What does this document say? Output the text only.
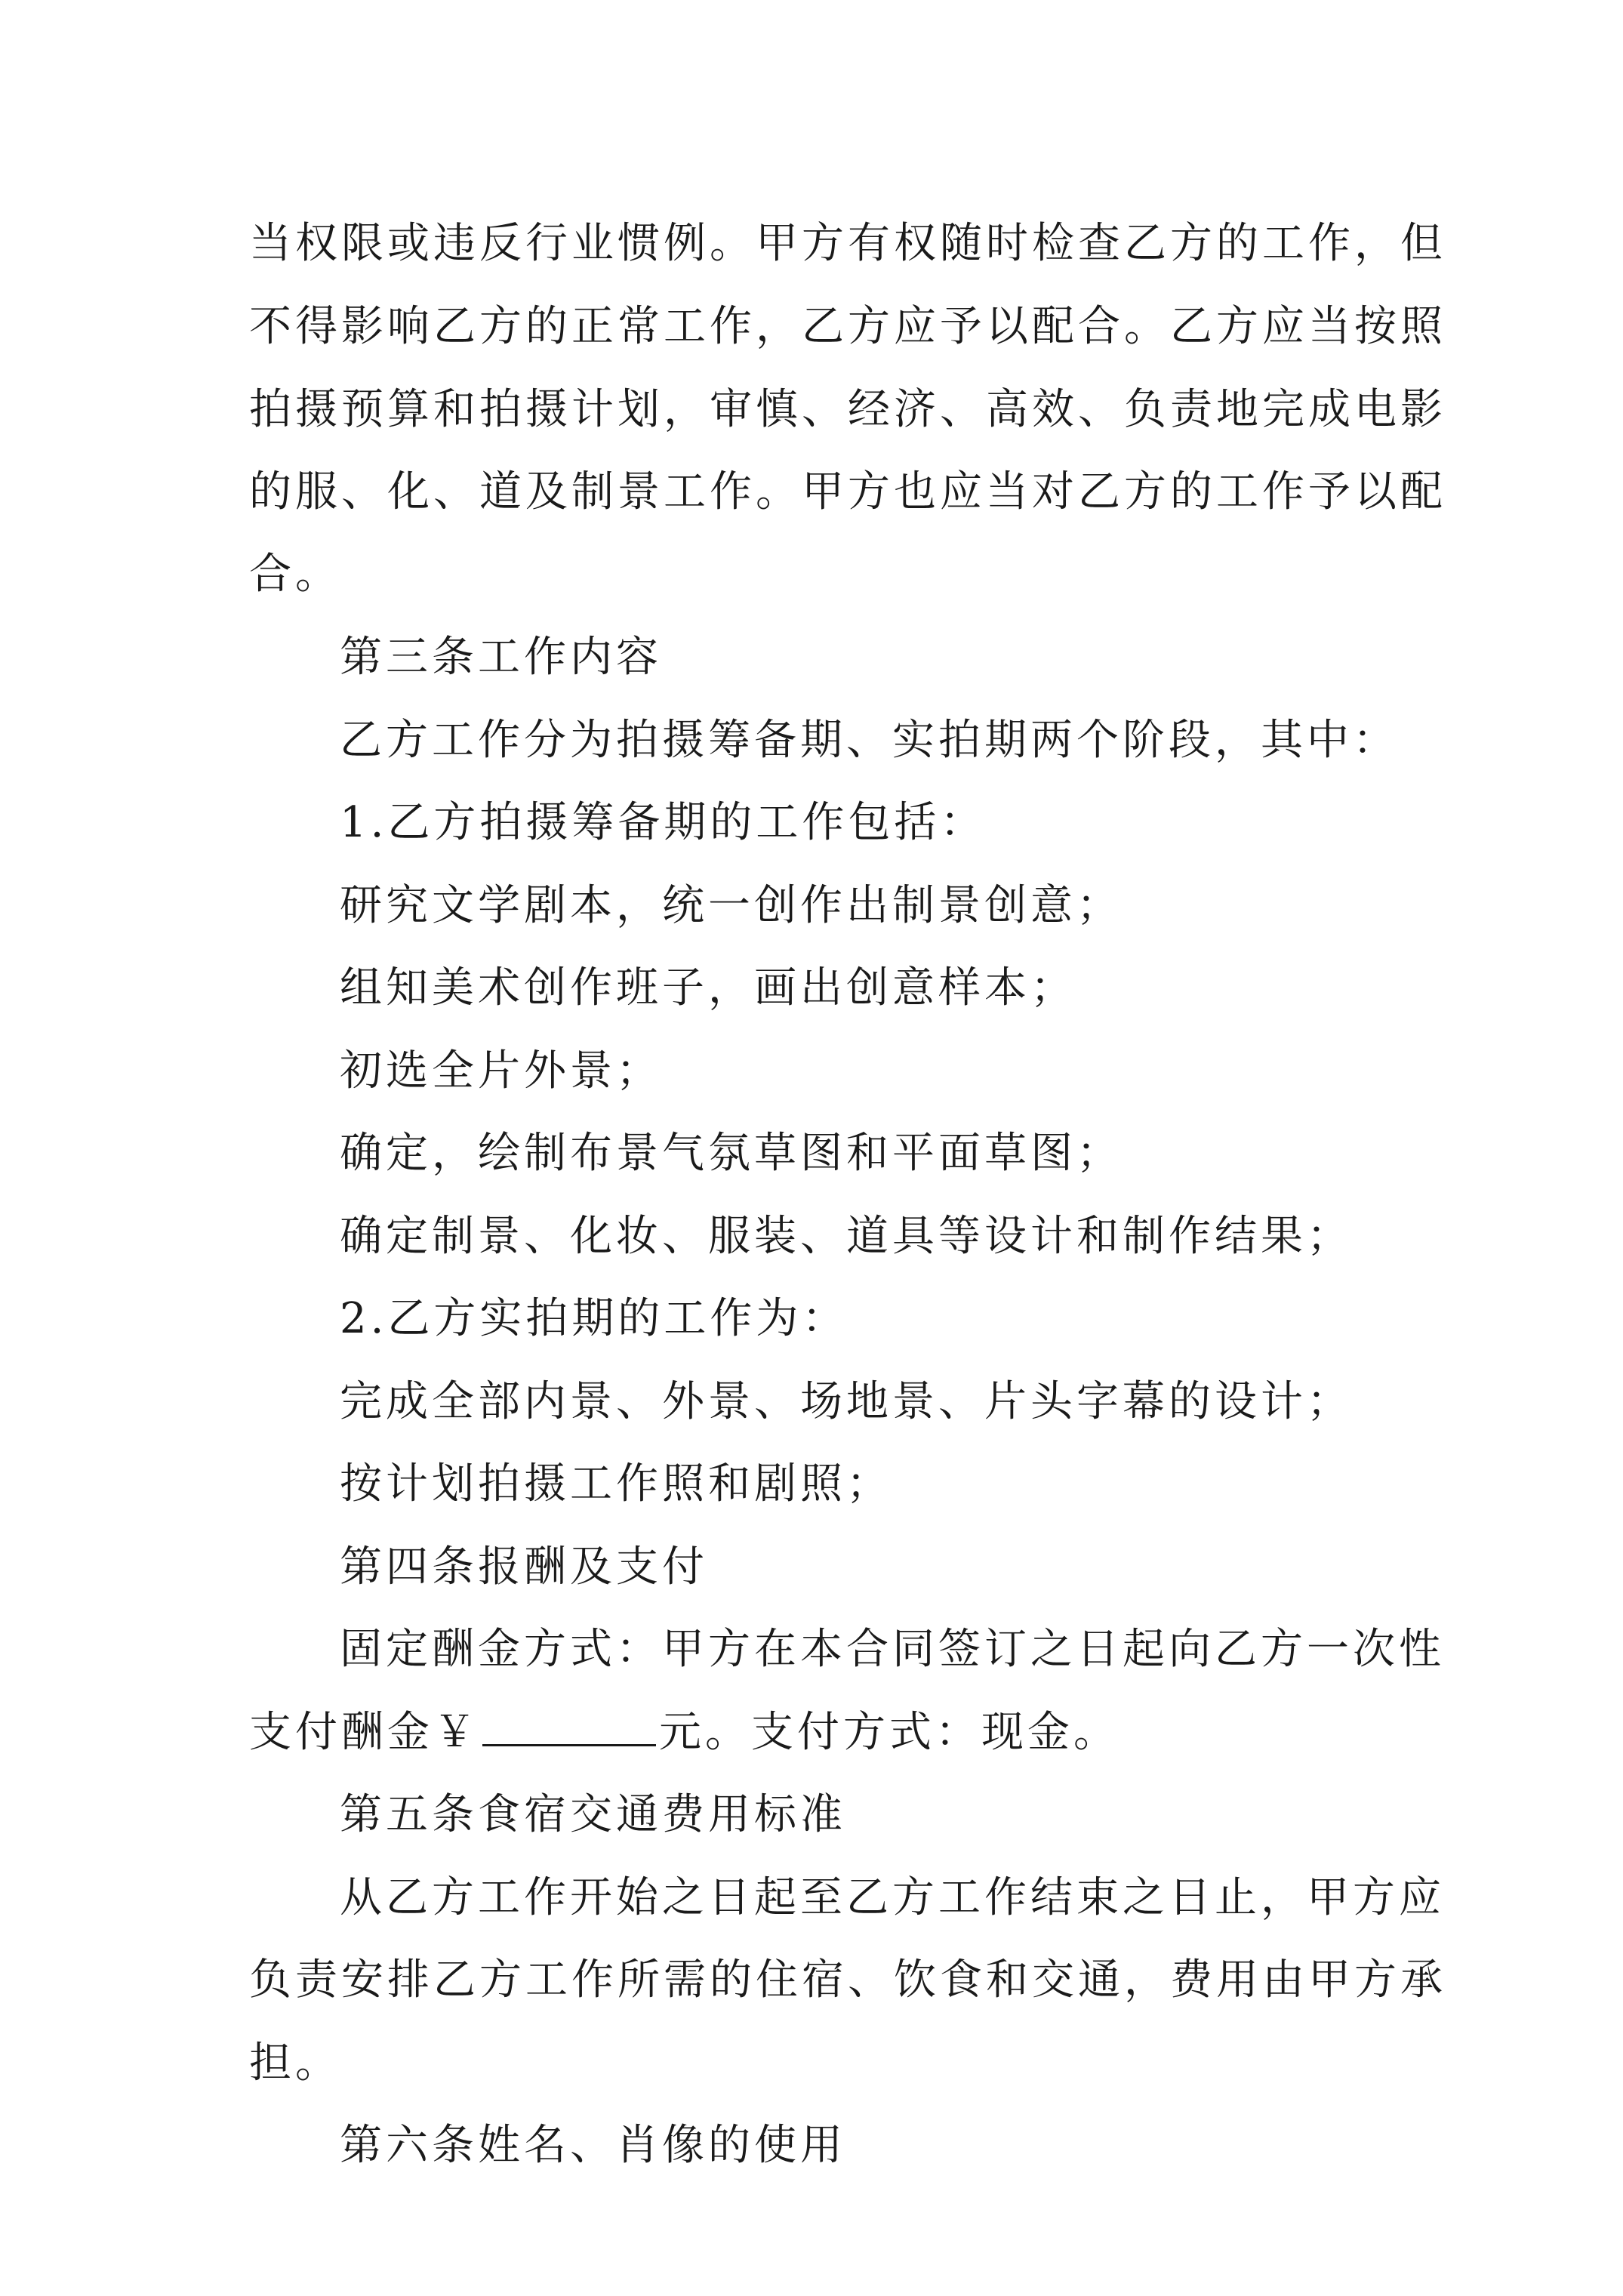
当权限或违反行业惯例。甲方有权随时检查乙方的工作，但
不得影响乙方的正常工作，乙方应予以配合。乙方应当按照
拍摄预算和拍摄计划，审慎、经济、高效、负责地完成电影
的服、化、道及制景工作。甲方也应当对乙方的工作予以配
合。
第三条工作内容
乙方工作分为拍摄筹备期、实拍期两个阶段，其中：
1.乙方拍摄筹备期的工作包括：
研究文学剧本，统一创作出制景创意；
组知美术创作班子，画出创意样本；
初选全片外景；
确定，绘制布景气氛草图和平面草图；
确定制景、化妆、服装、道具等设计和制作结果；
2.乙方实拍期的工作为：
完成全部内景、外景、场地景、片头字幕的设计；
按计划拍摄工作照和剧照；
第四条报酬及支付
固定酬金方式：甲方在本合同签订之日起向乙方一次性
支付酬金￥	元。支付方式：现金。
第五条食宿交通费用标准
从乙方工作开始之日起至乙方工作结束之日止，甲方应
负责安排乙方工作所需的住宿、饮食和交通，费用由甲方承
担。
第六条姓名、肖像的使用
